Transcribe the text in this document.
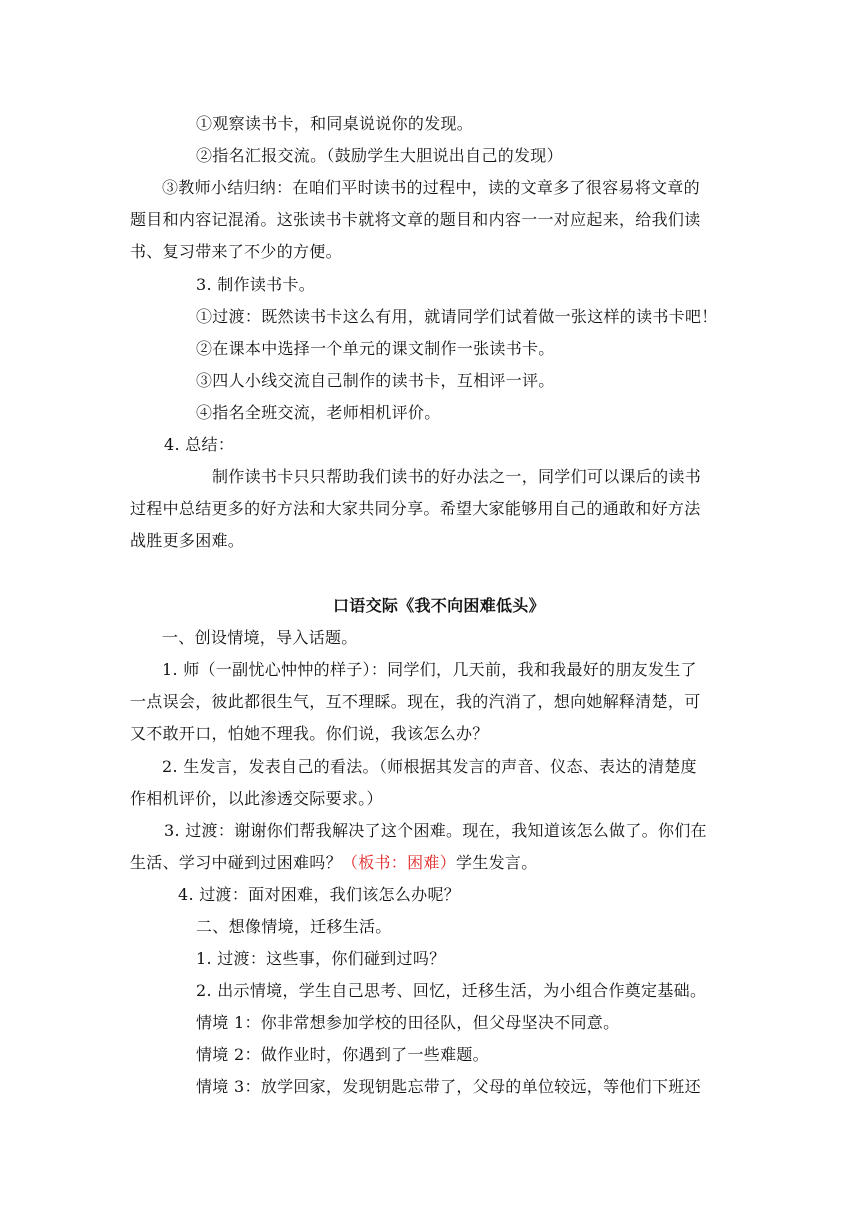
①观察读书卡，和同桌说说你的发现。
②指名汇报交流。（鼓励学生大胆说出自己的发现）
③教师小结归纳：在咱们平时读书的过程中，读的文章多了很容易将文章的
题目和内容记混淆。这张读书卡就将文章的题目和内容一一对应起来，给我们读
书、复习带来了不少的方便。
3. 制作读书卡。
①过渡：既然读书卡这么有用，就请同学们试着做一张这样的读书卡吧！
②在课本中选择一个单元的课文制作一张读书卡。
③四人小线交流自己制作的读书卡，互相评一评。
④指名全班交流，老师相机评价。
4. 总结：
制作读书卡只只帮助我们读书的好办法之一，同学们可以课后的读书
过程中总结更多的好方法和大家共同分享。希望大家能够用自己的通敢和好方法
战胜更多困难。
口语交际《我不向困难低头》
一、创设情境，导入话题。
1. 师（一副忧心忡忡的样子）：同学们，几天前，我和我最好的朋友发生了
一点误会，彼此都很生气，互不理睬。现在，我的汽消了，想向她解释清楚，可
又不敢开口，怕她不理我。你们说，我该怎么办？
2. 生发言，发表自己的看法。（师根据其发言的声音、仪态、表达的清楚度
作相机评价，以此渗透交际要求。）
3. 过渡：谢谢你们帮我解决了这个困难。现在，我知道该怎么做了。你们在
生活、学习中碰到过困难吗？（板书：困难）学生发言。
4. 过渡：面对困难，我们该怎么办呢？
二、想像情境，迁移生活。
1. 过渡：这些事，你们碰到过吗？
2. 出示情境，学生自己思考、回忆，迁移生活，为小组合作奠定基础。
情境 1：你非常想参加学校的田径队，但父母坚决不同意。
情境 2：做作业时，你遇到了一些难题。
情境 3：放学回家，发现钥匙忘带了，父母的单位较远，等他们下班还
